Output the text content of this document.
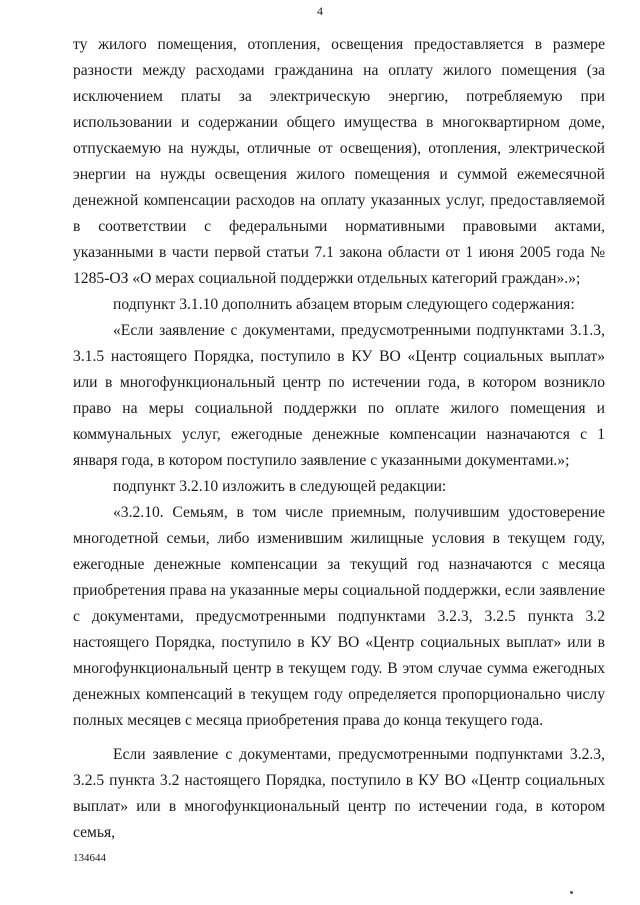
4

ту жилого помещения, отопления, освещения предоставляется в размере разности между расходами гражданина на оплату жилого помещения (за исключением платы за электрическую энергию, потребляемую при использовании и содержании общего имущества в многоквартирном доме, отпускаемую на нужды, отличные от освещения), отопления, электрической энергии на нужды освещения жилого помещения и суммой ежемесячной денежной компенсации расходов на оплату указанных услуг, предоставляемой в соответствии с федеральными нормативными правовыми актами, указанными в части первой статьи 7.1 закона области от 1 июня 2005 года № 1285-ОЗ «О мерах социальной поддержки отдельных категорий граждан».»;

подпункт 3.1.10 дополнить абзацем вторым следующего содержания:

«Если заявление с документами, предусмотренными подпунктами 3.1.3, 3.1.5 настоящего Порядка, поступило в КУ ВО «Центр социальных выплат» или в многофункциональный центр по истечении года, в котором возникло право на меры социальной поддержки по оплате жилого помещения и коммунальных услуг, ежегодные денежные компенсации назначаются с 1 января года, в котором поступило заявление с указанными документами.»;

подпункт 3.2.10 изложить в следующей редакции:

«3.2.10. Семьям, в том числе приемным, получившим удостоверение многодетной семьи, либо изменившим жилищные условия в текущем году, ежегодные денежные компенсации за текущий год назначаются с месяца приобретения права на указанные меры социальной поддержки, если заявление с документами, предусмотренными подпунктами 3.2.3, 3.2.5 пункта 3.2 настоящего Порядка, поступило в КУ ВО «Центр социальных выплат» или в многофункциональный центр в текущем году. В этом случае сумма ежегодных денежных компенсаций в текущем году определяется пропорционально числу полных месяцев с месяца приобретения права до конца текущего года.

Если заявление с документами, предусмотренными подпунктами 3.2.3, 3.2.5 пункта 3.2 настоящего Порядка, поступило в КУ ВО «Центр социальных выплат» или в многофункциональный центр по истечении года, в котором семья,

134644
